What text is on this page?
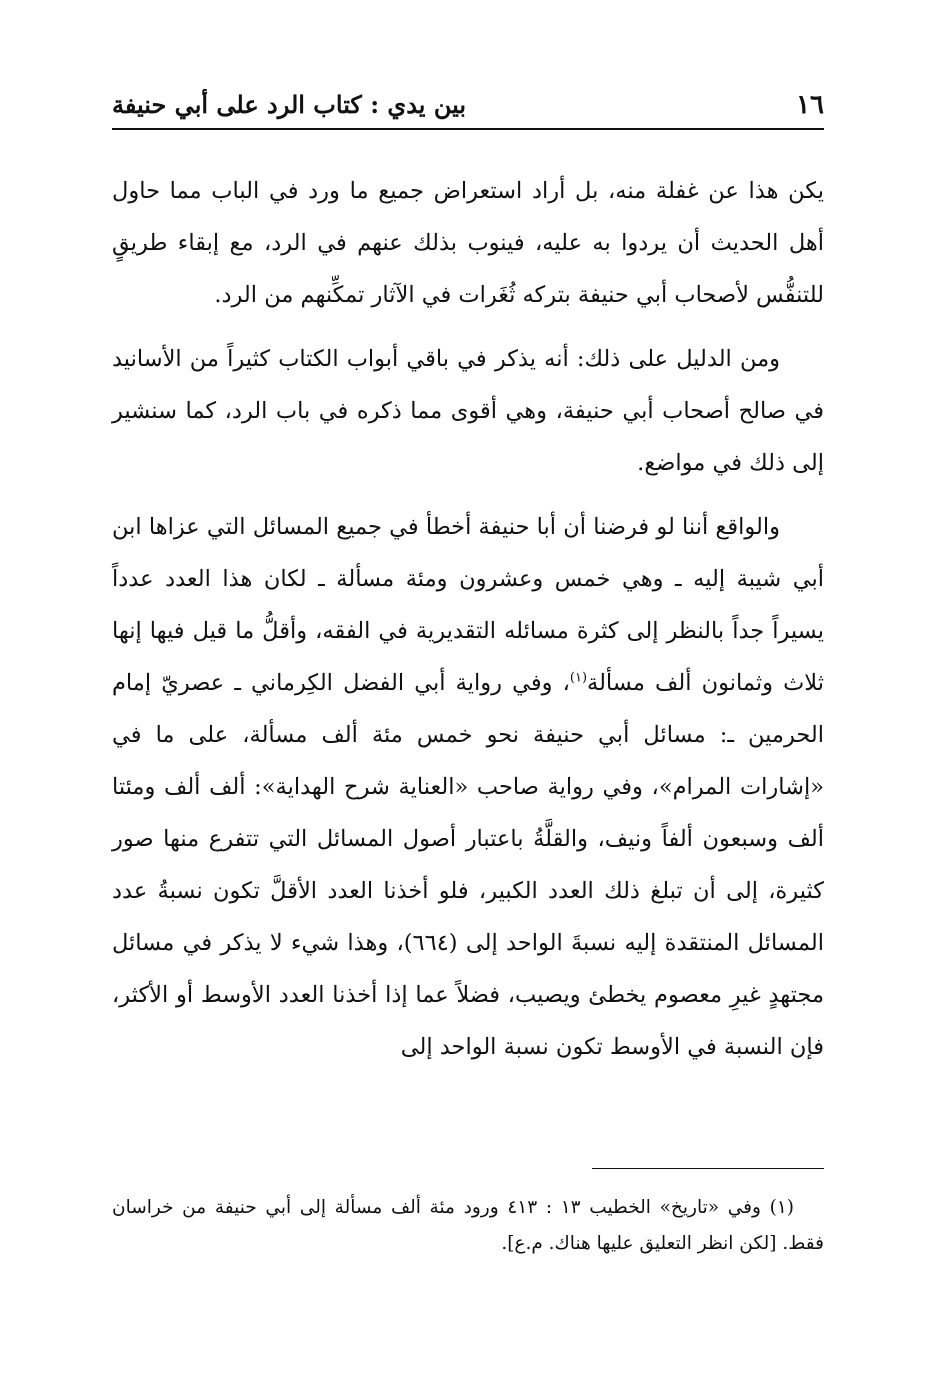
١٦
بين يدي : كتاب الرد على أبي حنيفة

يكن هذا عن غفلة منه، بل أراد استعراض جميع ما ورد في الباب مما حاول أهل الحديث أن يردوا به عليه، فينوب بذلك عنهم في الرد، مع إبقاء طريقٍ للتنفُّس لأصحاب أبي حنيفة بتركه ثُغَرات في الآثار تمكِّنهم من الرد.

ومن الدليل على ذلك: أنه يذكر في باقي أبواب الكتاب كثيراً من الأسانيد في صالح أصحاب أبي حنيفة، وهي أقوى مما ذكره في باب الرد، كما سنشير إلى ذلك في مواضع.

والواقع أننا لو فرضنا أن أبا حنيفة أخطأ في جميع المسائل التي عزاها ابن أبي شيبة إليه ـ وهي خمس وعشرون ومئة مسألة ـ لكان هذا العدد عدداً يسيراً جداً بالنظر إلى كثرة مسائله التقديرية في الفقه، وأقلُّ ما قيل فيها إنها ثلاث وثمانون ألف مسألة$^{(١)}$، وفي رواية أبي الفضل الكِرماني ـ عصريّ إمام الحرمين ـ: مسائل أبي حنيفة نحو خمس مئة ألف مسألة، على ما في «إشارات المرام»، وفي رواية صاحب «العناية شرح الهداية»: ألف ألف ومئتا ألف وسبعون ألفاً ونيف، والقلَّةُ باعتبار أصول المسائل التي تتفرع منها صور كثيرة، إلى أن تبلغ ذلك العدد الكبير، فلو أخذنا العدد الأقلَّ تكون نسبةُ عدد المسائل المنتقدة إليه نسبةَ الواحد إلى (٦٦٤)، وهذا شيء لا يذكر في مسائل مجتهدٍ غيرِ معصوم يخطئ ويصيب، فضلاً عما إذا أخذنا العدد الأوسط أو الأكثر، فإن النسبة في الأوسط تكون نسبة الواحد إلى

(١) وفي «تاريخ» الخطيب ١٣ : ٤١٣ ورود مئة ألف مسألة إلى أبي حنيفة من خراسان فقط. [لكن انظر التعليق عليها هناك. م.ع].
